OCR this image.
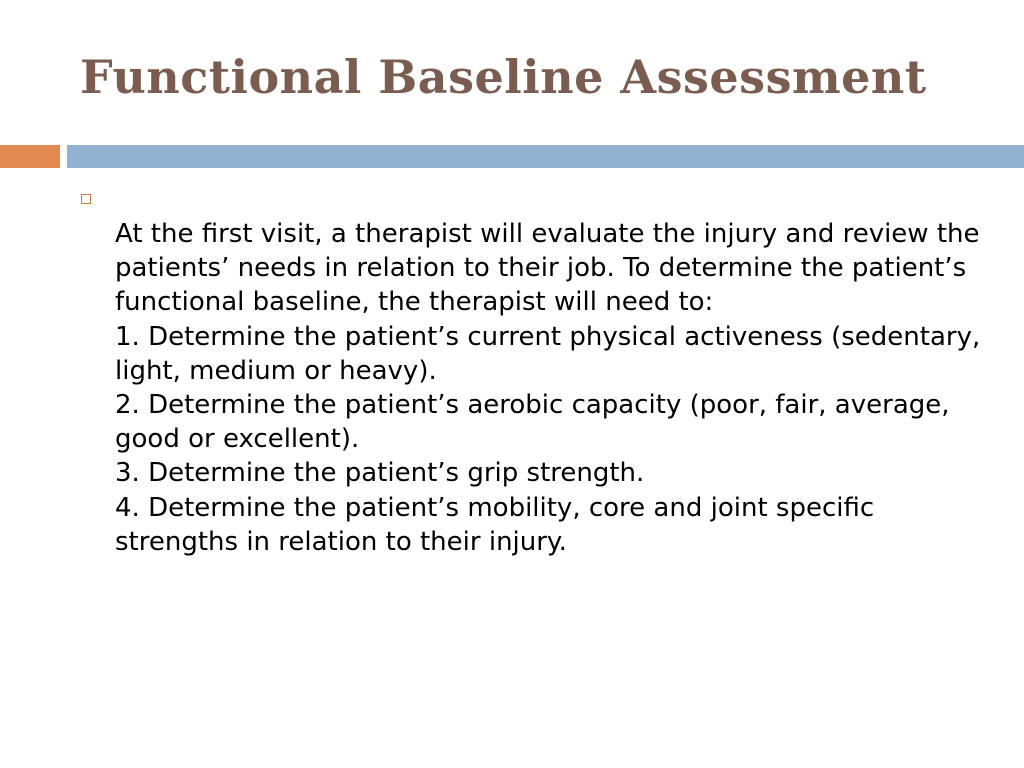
Functional Baseline Assessment

At the first visit, a therapist will evaluate the injury and review the patients’ needs in relation to their job. To determine the patient’s functional baseline, the therapist will need to:

1. Determine the patient’s current physical activeness (sedentary, light, medium or heavy).

2. Determine the patient’s aerobic capacity (poor, fair, average, good or excellent).

3. Determine the patient’s grip strength.

4. Determine the patient’s mobility, core and joint specific strengths in relation to their injury.
